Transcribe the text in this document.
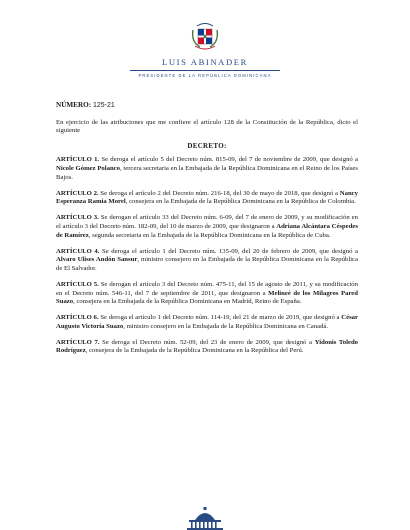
LUIS ABINADER
PRESIDENTE DE LA REPÚBLICA DOMINICANA
NÚMERO: 125-21

En ejercicio de las atribuciones que me confiere el artículo 128 de la Constitución de la República, dicto el siguiente

DECRETO:

ARTÍCULO 1. Se deroga el artículo 5 del Decreto núm. 815-09, del 7 de noviembre de 2009, que designó a Nicole Gómez Polanco, tercera secretaria en la Embajada de la República Dominicana en el Reino de los Países Bajos.

ARTÍCULO 2. Se deroga el artículo 2 del Decreto núm. 216-18, del 30 de mayo de 2018, que designó a Nancy Esperanza Ramia Morel, consejera en la Embajada de la República Dominicana en la República de Colombia.

ARTÍCULO 3. Se derogan el artículo 33 del Decreto núm. 6-09, del 7 de enero de 2009, y su modificación en el artículo 3 del Decreto núm. 182-09, del 10 de marzo de 2009, que designaron a Adriana Alcántara Céspedes de Ramírez, segunda secretaria en la Embajada de la República Dominicana en la República de Cuba.

ARTÍCULO 4. Se deroga el artículo 1 del Decreto núm. 135-09, del 20 de febrero de 2009, que designó a Alvaro Ulises Andón Sansur, ministro consejero en la Embajada de la República Dominicana en la República de El Salvador.

ARTÍCULO 5. Se derogan el artículo 3 del Decreto núm. 475-11, del 15 de agosto de 2011, y su modificación en el Decreto núm. 546-11, del 7 de septiembre de 2011, que designaron a Melineé de los Milagros Pared Suazo, consejera en la Embajada de la República Dominicana en Madrid, Reino de España.

ARTÍCULO 6. Se deroga el artículo 1 del Decreto núm. 114-19, del 21 de marzo de 2019, que designó a César Augusto Victoria Suazo, ministro consejero en la Embajada de la República Dominicana en Canadá.

ARTÍCULO 7. Se deroga el Decreto núm. 52-09, del 23 de enero de 2009, que designó a Yidonis Toledo Rodríguez, consejera de la Embajada de la República Dominicana en la República del Perú.
